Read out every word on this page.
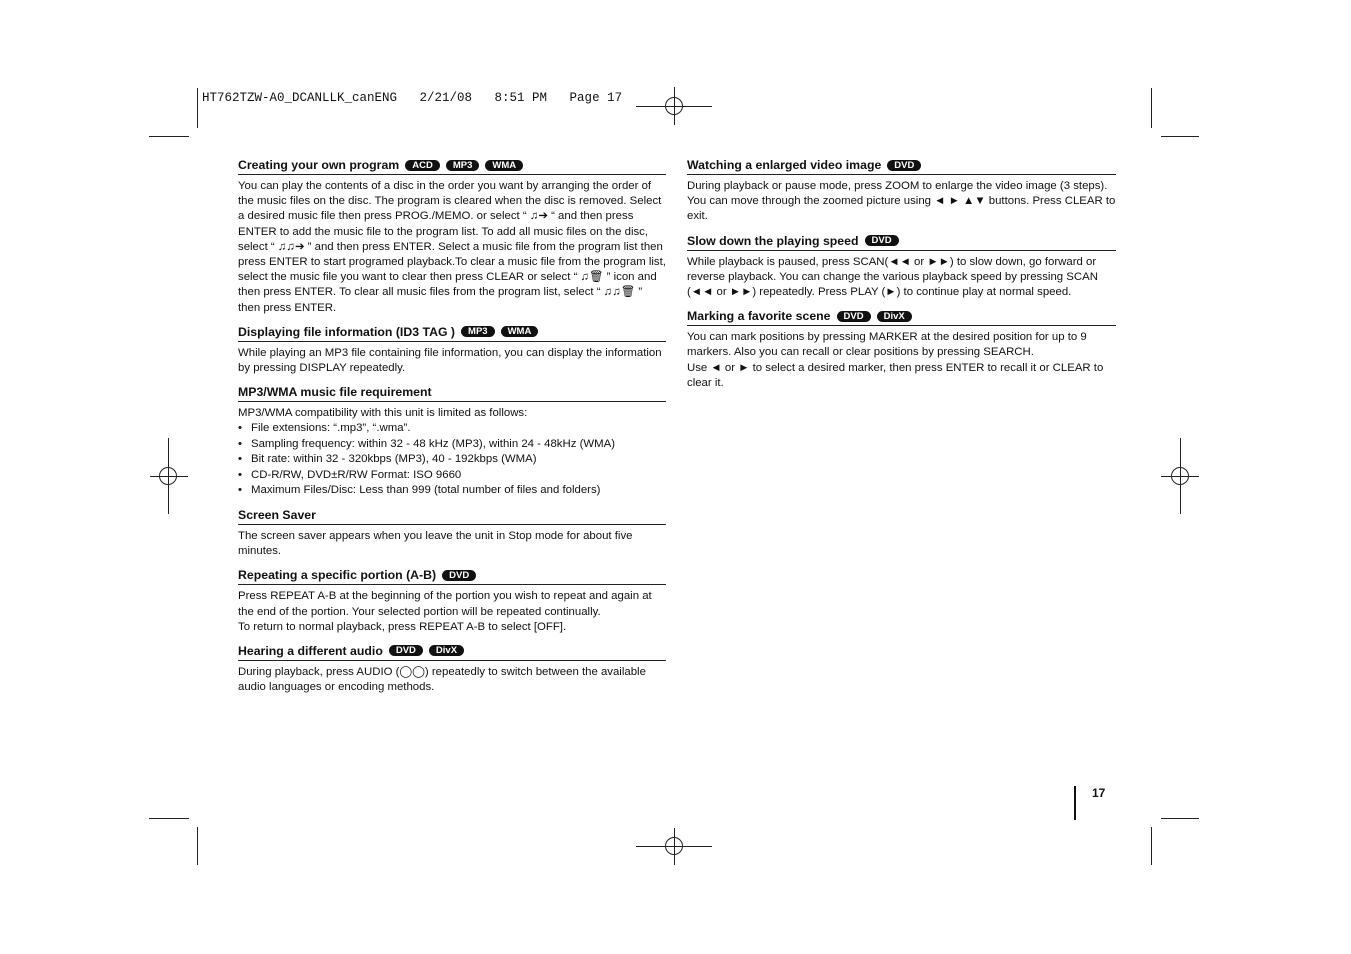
HT762TZW-A0_DCANLLK_canENG   2/21/08   8:51 PM   Page 17
Creating your own program	ACD	MP3	WMA

You can play the contents of a disc in the order you want by arranging the order of the music files on the disc. The program is cleared when the disc is removed. Select a desired music file then press PROG./MEMO. or select “ ♫➔ “ and then press ENTER to add the music file to the program list. To add all music files on the disc, select “ ♫♫➔ ” and then press ENTER. Select a music file from the program list then press ENTER to start programed playback.To clear a music file from the program list, select the music file you want to clear then press CLEAR or select “ ♫🗑 ” icon and then press ENTER. To clear all music files from the program list, select “ ♫♫🗑 ” then press ENTER.

Displaying file information (ID3 TAG )	MP3	WMA

While playing an MP3 file containing file information, you can display the information by pressing DISPLAY repeatedly.

MP3/WMA music file requirement

MP3/WMA compatibility with this unit is limited as follows:

• File extensions: “.mp3”, “.wma”.
• Sampling frequency: within 32 - 48 kHz (MP3), within 24 - 48kHz (WMA)
• Bit rate: within 32 - 320kbps (MP3), 40 - 192kbps (WMA)
• CD-R/RW, DVD±R/RW Format: ISO 9660
• Maximum Files/Disc: Less than 999 (total number of files and folders)
Screen Saver

The screen saver appears when you leave the unit in Stop mode for about five minutes.

Repeating a specific portion (A-B)	DVD

Press REPEAT A-B at the beginning of the portion you wish to repeat and again at the end of the portion. Your selected portion will be repeated continually.

To return to normal playback, press REPEAT A-B to select [OFF].

Hearing a different audio	DVD	DivX

During playback, press AUDIO (◯◯) repeatedly to switch between the available audio languages or encoding methods.

Watching a enlarged video image	DVD

During playback or pause mode, press ZOOM to enlarge the video image (3 steps). You can move through the zoomed picture using ◄ ► ▲▼ buttons. Press CLEAR to exit.

Slow down the playing speed	DVD

While playback is paused, press SCAN(◄◄ or ►►) to slow down, go forward or reverse playback. You can change the various playback speed by pressing SCAN (◄◄ or ►►) repeatedly. Press PLAY (►) to continue play at normal speed.

Marking a favorite scene	DVD	DivX

You can mark positions by pressing MARKER at the desired position for up to 9 markers. Also you can recall or clear positions by pressing SEARCH.

Use ◄ or ► to select a desired marker, then press ENTER to recall it or CLEAR to clear it.

17
